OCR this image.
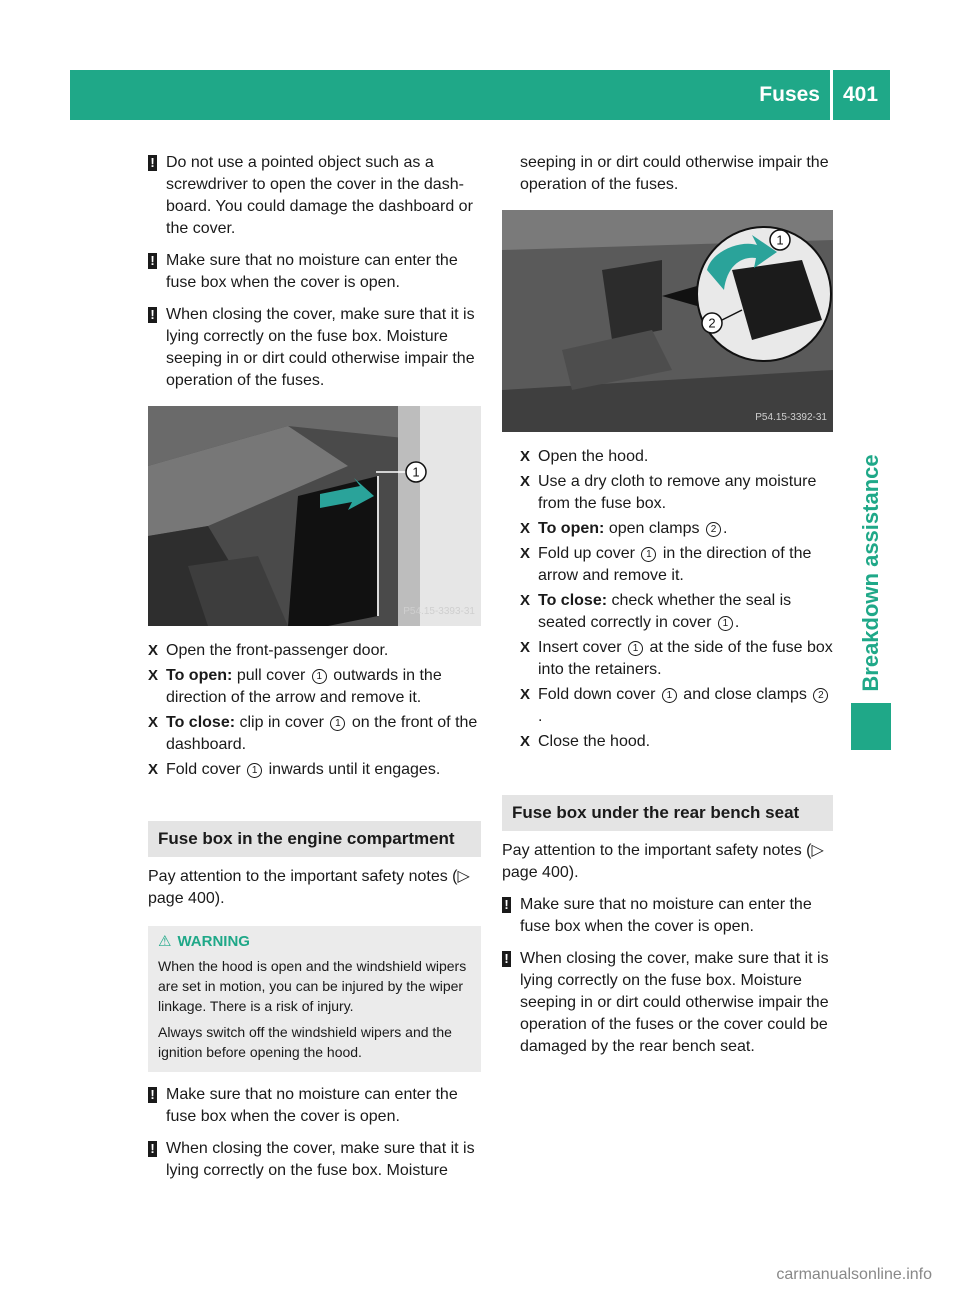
Fuses 401
Breakdown assistance
! Do not use a pointed object such as a screwdriver to open the cover in the dashboard. You could damage the dashboard or the cover.
! Make sure that no moisture can enter the fuse box when the cover is open.
! When closing the cover, make sure that it is lying correctly on the fuse box. Moisture seeping in or dirt could otherwise impair the operation of the fuses.
1
P54.15-3393-31
X Open the front-passenger door.
X To open: pull cover 1 outwards in the direction of the arrow and remove it.
X To close: clip in cover 1 on the front of the dashboard.
X Fold cover 1 inwards until it engages.
Fuse box in the engine compartment

Pay attention to the important safety notes (▷ page 400).

⚠ WARNING

When the hood is open and the windshield wipers are set in motion, you can be injured by the wiper linkage. There is a risk of injury.

Always switch off the windshield wipers and the ignition before opening the hood.

! Make sure that no moisture can enter the fuse box when the cover is open.
! When closing the cover, make sure that it is lying correctly on the fuse box. Moisture

seeping in or dirt could otherwise impair the operation of the fuses.

1
2
P54.15-3392-31
X Open the hood.
X Use a dry cloth to remove any moisture from the fuse box.
X To open: open clamps 2 .
X Fold up cover 1 in the direction of the arrow and remove it.
X To close: check whether the seal is seated correctly in cover 1 .
X Insert cover 1 at the side of the fuse box into the retainers.
X Fold down cover 1 and close clamps 2.
X Close the hood.
Fuse box under the rear bench seat

Pay attention to the important safety notes (▷ page 400).

! Make sure that no moisture can enter the fuse box when the cover is open.
! When closing the cover, make sure that it is lying correctly on the fuse box. Moisture seeping in or dirt could otherwise impair the operation of the fuses or the cover could be damaged by the rear bench seat.
carmanualsonline.info
